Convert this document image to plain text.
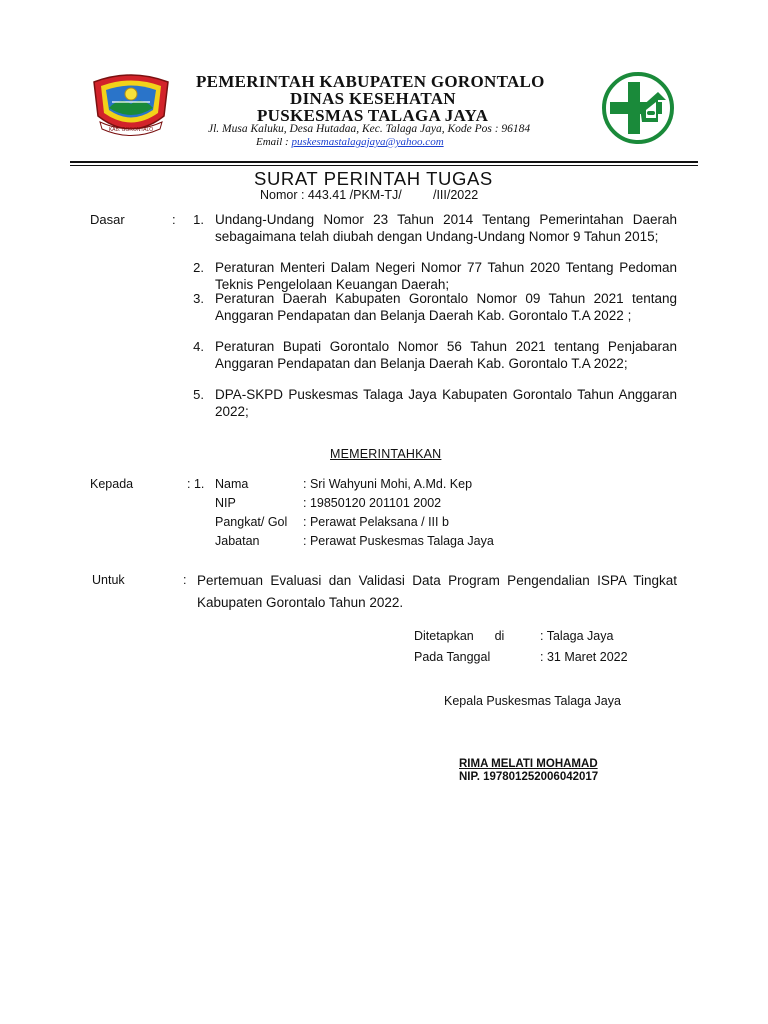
KAB. GORONTALO
PEMERINTAH KABUPATEN GORONTALO
DINAS KESEHATAN
PUSKESMAS TALAGA JAYA
Jl. Musa Kaluku, Desa Hutadaa, Kec. Talaga Jaya, Kode Pos : 96184
Email : puskesmastalagajaya@yahoo.com
SURAT PERINTAH TUGAS
Nomor : 443.41 /PKM-TJ/         /III/2022
Dasar	:	1. Undang-Undang Nomor 23 Tahun 2014 Tentang Pemerintahan Daerah sebagaimana telah diubah dengan Undang-Undang Nomor 9 Tahun 2015;
2. Peraturan Menteri Dalam Negeri Nomor 77 Tahun 2020 Tentang Pedoman Teknis Pengelolaan Keuangan Daerah;
3. Peraturan Daerah Kabupaten Gorontalo Nomor 09 Tahun 2021 tentang Anggaran Pendapatan dan Belanja Daerah Kab. Gorontalo T.A 2022 ;
4. Peraturan Bupati Gorontalo Nomor 56 Tahun 2021 tentang Penjabaran Anggaran Pendapatan dan Belanja Daerah Kab. Gorontalo T.A 2022;
5. DPA-SKPD Puskesmas Talaga Jaya Kabupaten Gorontalo Tahun Anggaran 2022;
MEMERINTAHKAN
Kepada	: 1. Nama	: Sri Wahyuni Mohi, A.Md. Kep
NIP	: 19850120 201101 2002
Pangkat/ Gol : Perawat Pelaksana / III b
Jabatan	: Perawat Puskesmas Talaga Jaya
Untuk	: Pertemuan Evaluasi dan Validasi Data Program Pengendalian ISPA Tingkat Kabupaten Gorontalo Tahun 2022.
Ditetapkan      di	: Talaga Jaya
Pada Tanggal	: 31 Maret 2022
Kepala Puskesmas Talaga Jaya
RIMA MELATI MOHAMAD
NIP. 197801252006042017
